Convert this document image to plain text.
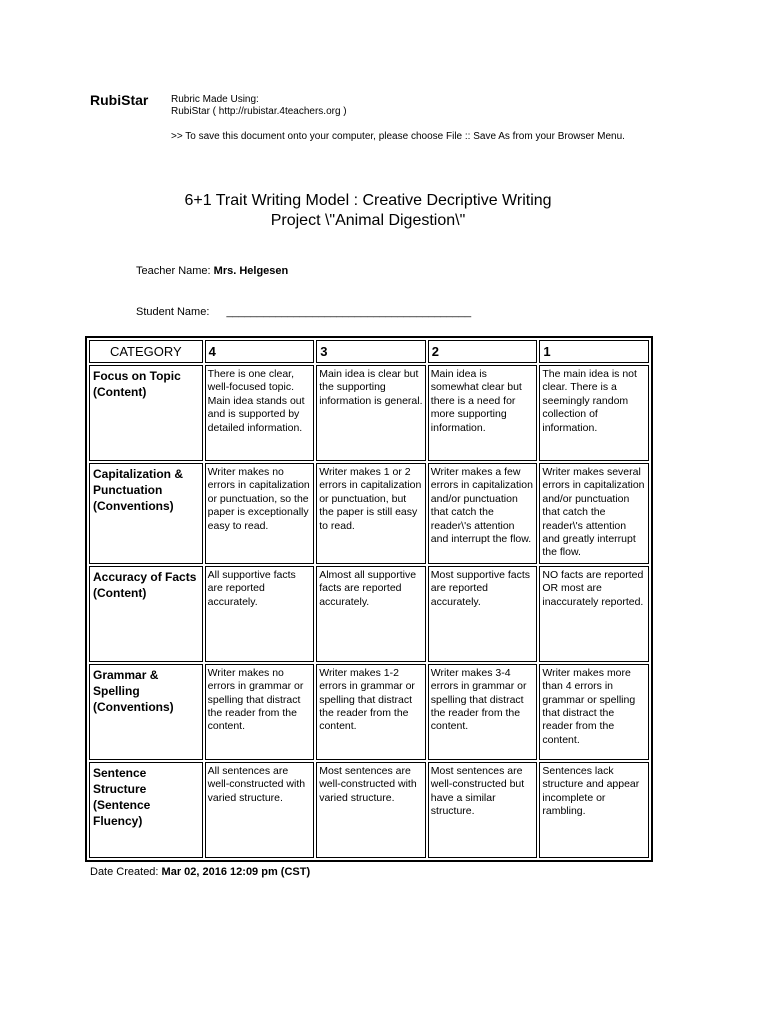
RubiStar Rubric Made Using:
RubiStar ( http://rubistar.4teachers.org )
>> To save this document onto your computer, please choose File :: Save As from your Browser Menu.
6+1 Trait Writing Model : Creative Decriptive Writing
Project \"Animal Digestion\"
Teacher Name: Mrs. Helgesen
Student Name: ________________________________________
CATEGORY	4	3	2	1
Focus on Topic (Content)	There is one clear, well-focused topic. Main idea stands out and is supported by detailed information.	Main idea is clear but the supporting information is general.	Main idea is somewhat clear but there is a need for more supporting information.	The main idea is not clear. There is a seemingly random collection of information.
Capitalization & Punctuation (Conventions)	Writer makes no errors in capitalization or punctuation, so the paper is exceptionally easy to read.	Writer makes 1 or 2 errors in capitalization or punctuation, but the paper is still easy to read.	Writer makes a few errors in capitalization and/or punctuation that catch the reader\'s attention and interrupt the flow.	Writer makes several errors in capitalization and/or punctuation that catch the reader\'s attention and greatly interrupt the flow.
Accuracy of Facts (Content)	All supportive facts are reported accurately.	Almost all supportive facts are reported accurately.	Most supportive facts are reported accurately.	NO facts are reported OR most are inaccurately reported.
Grammar & Spelling (Conventions)	Writer makes no errors in grammar or spelling that distract the reader from the content.	Writer makes 1-2 errors in grammar or spelling that distract the reader from the content.	Writer makes 3-4 errors in grammar or spelling that distract the reader from the content.	Writer makes more than 4 errors in grammar or spelling that distract the reader from the content.
Sentence Structure (Sentence Fluency)	All sentences are well-constructed with varied structure.	Most sentences are well-constructed with varied structure.	Most sentences are well-constructed but have a similar structure.	Sentences lack structure and appear incomplete or rambling.
Date Created: Mar 02, 2016 12:09 pm (CST)
